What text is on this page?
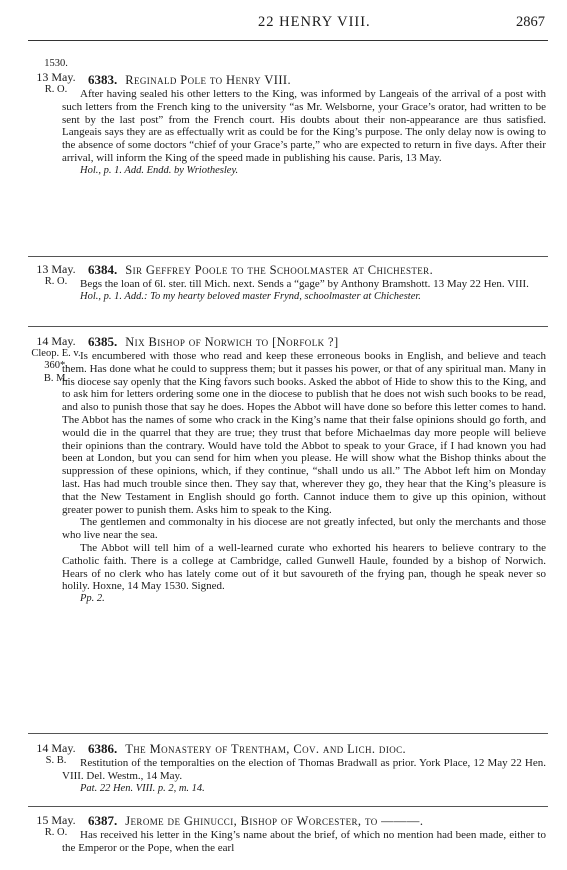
22 HENRY VIII.	2867
1530.
13 May.
R. O.
6383. Reginald Pole to Henry VIII.

After having sealed his other letters to the King, was informed by Langeais of the arrival of a post with such letters from the French king to the university “as Mr. Welsborne, your Grace’s orator, had written to be sent by the last post” from the French court. His doubts about their non-appearance are thus satisfied. Langeais says they are as effectually writ as could be for the King’s purpose. The only delay now is owing to the absence of some doctors “chief of your Grace’s parte,” who are expected to return in five days. After their arrival, will inform the King of the speed made in publishing his cause. Paris, 13 May.

Hol., p. 1. Add. Endd. by Wriothesley.

13 May.
R. O.
6384. Sir Geffrey Poole to the Schoolmaster at Chichester.

Begs the loan of 6l. ster. till Mich. next. Sends a “gage” by Anthony Bramshott. 13 May 22 Hen. VIII.

Hol., p. 1. Add.: To my hearty beloved master Frynd, schoolmaster at Chichester.

14 May.
Cleop. E. v.
360*.
B. M.
6385. Nix Bishop of Norwich to [Norfolk ?]

Is encumbered with those who read and keep these erroneous books in English, and believe and teach them. Has done what he could to suppress them; but it passes his power, or that of any spiritual man. Many in his diocese say openly that the King favors such books. Asked the abbot of Hide to show this to the King, and to ask him for letters ordering some one in the diocese to publish that he does not wish such books to be read, and also to punish those that say he does. Hopes the Abbot will have done so before this letter comes to hand. The Abbot has the names of some who crack in the King’s name that their false opinions should go forth, and would die in the quarrel that they are true; they trust that before Michaelmas day more people will believe their opinions than the contrary. Would have told the Abbot to speak to your Grace, if I had known you had been at London, but you can send for him when you please. He will show what the Bishop thinks about the suppression of these opinions, which, if they continue, “shall undo us all.” The Abbot left him on Monday last. Has had much trouble since then. They say that, wherever they go, they hear that the King’s pleasure is that the New Testament in English should go forth. Cannot induce them to give up this opinion, without greater power to punish them. Asks him to speak to the King.

The gentlemen and commonalty in his diocese are not greatly infected, but only the merchants and those who live near the sea.

The Abbot will tell him of a well-learned curate who exhorted his hearers to believe contrary to the Catholic faith. There is a college at Cambridge, called Gunwell Haule, founded by a bishop of Norwich. Hears of no clerk who has lately come out of it but savoureth of the frying pan, though he speak never so holily. Hoxne, 14 May 1530. Signed.

Pp. 2.

14 May.
S. B.
6386. The Monastery of Trentham, Cov. and Lich. dioc.

Restitution of the temporalties on the election of Thomas Bradwall as prior. York Place, 12 May 22 Hen. VIII. Del. Westm., 14 May.

Pat. 22 Hen. VIII. p. 2, m. 14.

15 May.
R. O.
6387. Jerome de Ghinucci, Bishop of Worcester, to ———.

Has received his letter in the King’s name about the brief, of which no mention had been made, either to the Emperor or the Pope, when the earl
